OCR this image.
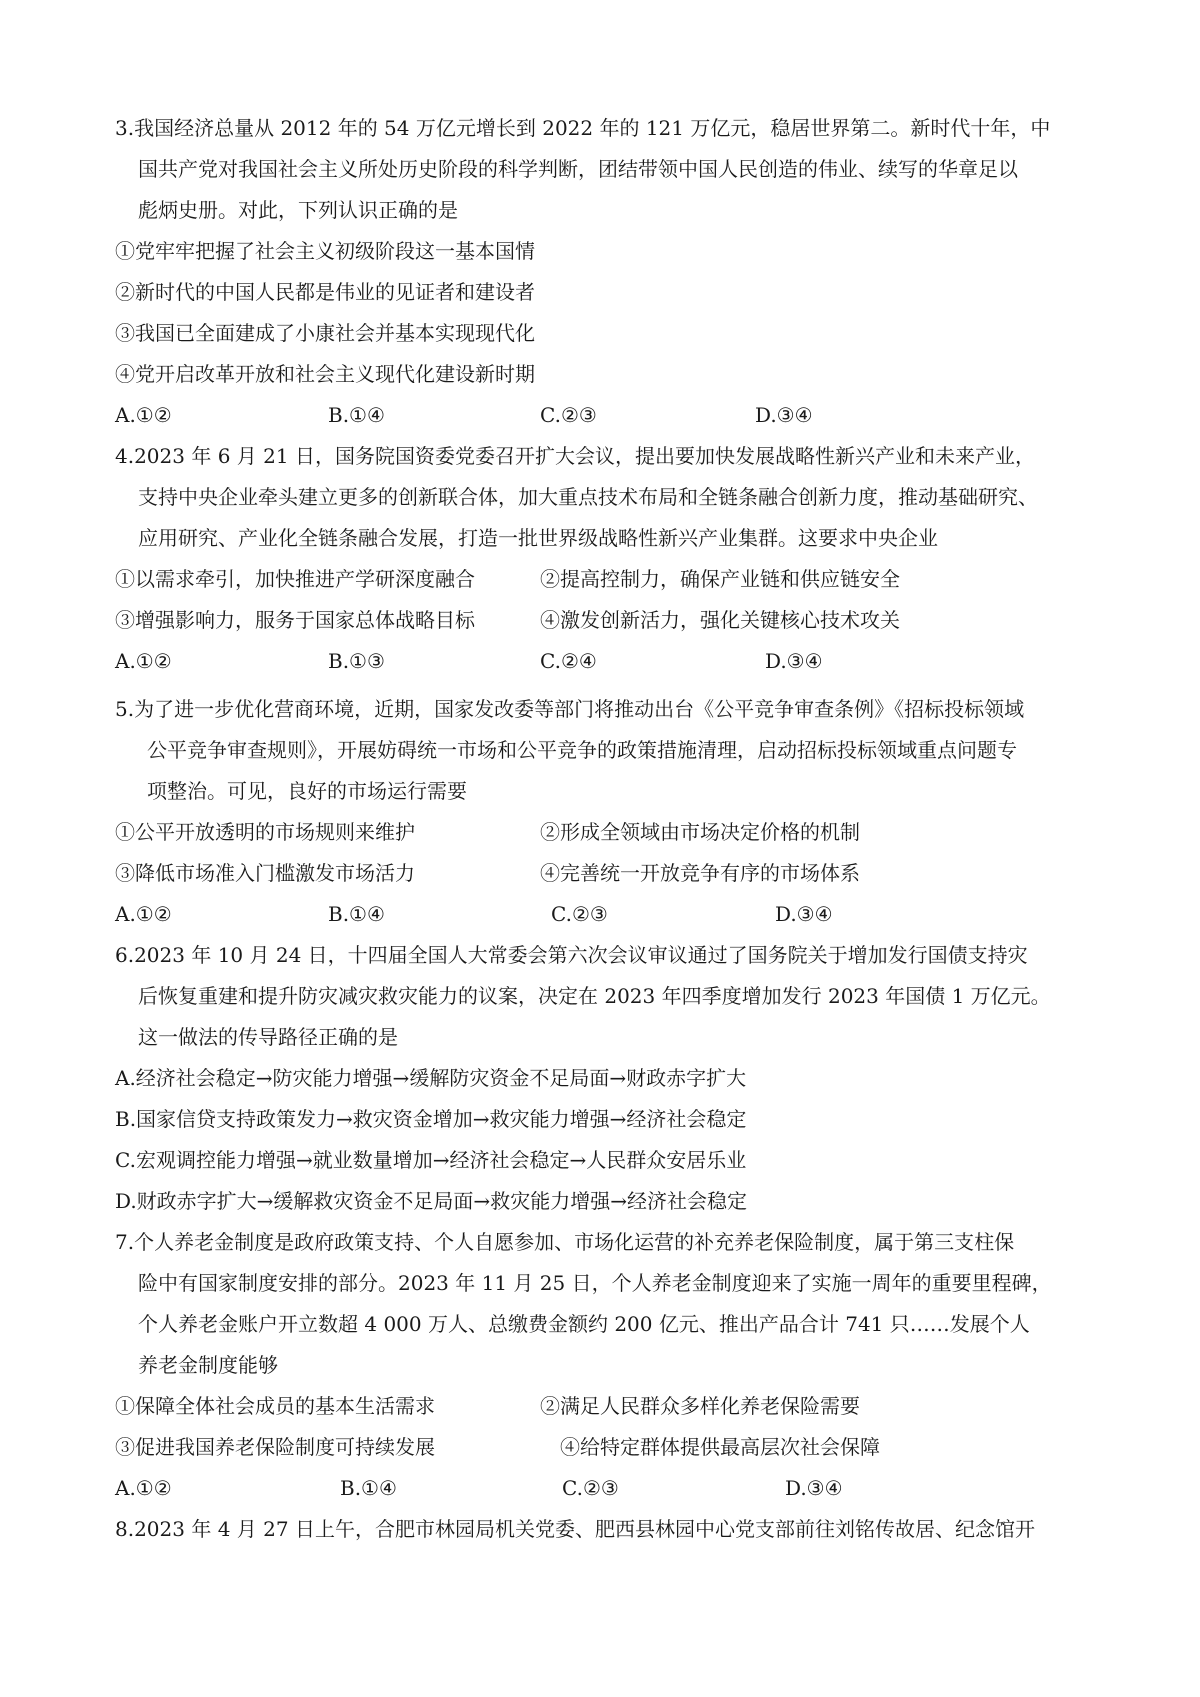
3.我国经济总量从 2012 年的 54 万亿元增长到 2022 年的 121 万亿元，稳居世界第二。新时代十年，中
国共产党对我国社会主义所处历史阶段的科学判断，团结带领中国人民创造的伟业、续写的华章足以
彪炳史册。对此，下列认识正确的是
①党牢牢把握了社会主义初级阶段这一基本国情
②新时代的中国人民都是伟业的见证者和建设者
③我国已全面建成了小康社会并基本实现现代化
④党开启改革开放和社会主义现代化建设新时期
A.①②	B.①④	C.②③	D.③④
4.2023 年 6 月 21 日，国务院国资委党委召开扩大会议，提出要加快发展战略性新兴产业和未来产业，
支持中央企业牵头建立更多的创新联合体，加大重点技术布局和全链条融合创新力度，推动基础研究、
应用研究、产业化全链条融合发展，打造一批世界级战略性新兴产业集群。这要求中央企业
①以需求牵引，加快推进产学研深度融合	②提高控制力，确保产业链和供应链安全
③增强影响力，服务于国家总体战略目标	④激发创新活力，强化关键核心技术攻关
A.①②	B.①③	C.②④	D.③④
5.为了进一步优化营商环境，近期，国家发改委等部门将推动出台《公平竞争审查条例》《招标投标领域
公平竞争审查规则》，开展妨碍统一市场和公平竞争的政策措施清理，启动招标投标领域重点问题专
项整治。可见，良好的市场运行需要
①公平开放透明的市场规则来维护	②形成全领域由市场决定价格的机制
③降低市场准入门槛激发市场活力	④完善统一开放竞争有序的市场体系
A.①②	B.①④	C.②③	D.③④
6.2023 年 10 月 24 日，十四届全国人大常委会第六次会议审议通过了国务院关于增加发行国债支持灾
后恢复重建和提升防灾减灾救灾能力的议案，决定在 2023 年四季度增加发行 2023 年国债 1 万亿元。
这一做法的传导路径正确的是
A.经济社会稳定→防灾能力增强→缓解防灾资金不足局面→财政赤字扩大
B.国家信贷支持政策发力→救灾资金增加→救灾能力增强→经济社会稳定
C.宏观调控能力增强→就业数量增加→经济社会稳定→人民群众安居乐业
D.财政赤字扩大→缓解救灾资金不足局面→救灾能力增强→经济社会稳定
7.个人养老金制度是政府政策支持、个人自愿参加、市场化运营的补充养老保险制度，属于第三支柱保
险中有国家制度安排的部分。2023 年 11 月 25 日，个人养老金制度迎来了实施一周年的重要里程碑，
个人养老金账户开立数超 4 000 万人、总缴费金额约 200 亿元、推出产品合计 741 只……发展个人
养老金制度能够
①保障全体社会成员的基本生活需求	②满足人民群众多样化养老保险需要
③促进我国养老保险制度可持续发展	④给特定群体提供最高层次社会保障
A.①②	B.①④	C.②③	D.③④
8.2023 年 4 月 27 日上午，合肥市林园局机关党委、肥西县林园中心党支部前往刘铭传故居、纪念馆开
